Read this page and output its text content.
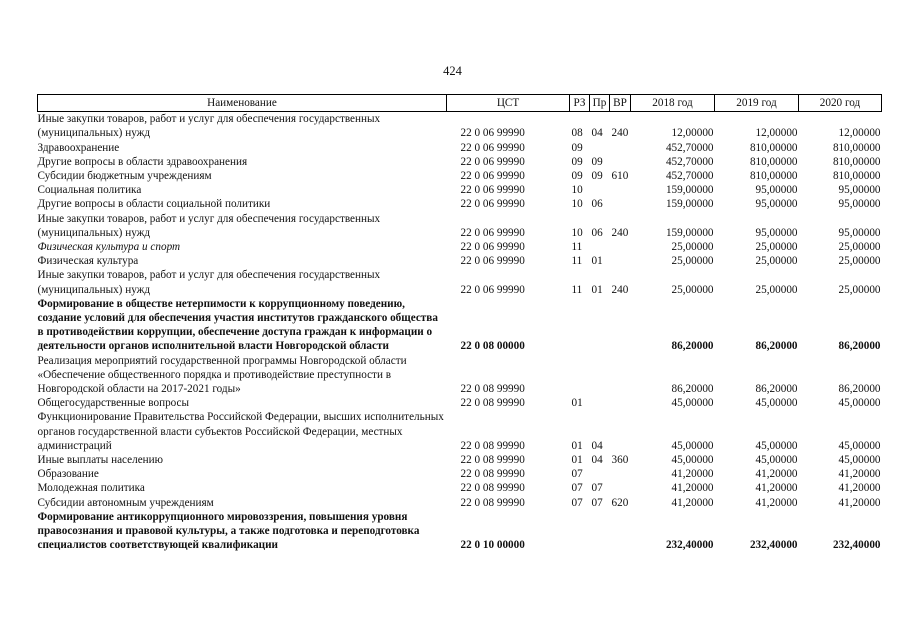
424
Наименование	ЦСТ	РЗ	Пр	ВР	2018 год	2019 год	2020 год
Иные закупки товаров, работ и услуг для обеспечения государственных (муниципальных) нужд	22 0 06 99990	08	04	240	12,00000	12,00000	12,00000
Здравоохранение	22 0 06 99990	09			452,70000	810,00000	810,00000
Другие вопросы в области здравоохранения	22 0 06 99990	09	09		452,70000	810,00000	810,00000
Субсидии бюджетным учреждениям	22 0 06 99990	09	09	610	452,70000	810,00000	810,00000
Социальная политика	22 0 06 99990	10			159,00000	95,00000	95,00000
Другие вопросы в области социальной политики	22 0 06 99990	10	06		159,00000	95,00000	95,00000
Иные закупки товаров, работ и услуг для обеспечения государственных (муниципальных) нужд	22 0 06 99990	10	06	240	159,00000	95,00000	95,00000
Физическая культура и спорт	22 0 06 99990	11			25,00000	25,00000	25,00000
Физическая культура	22 0 06 99990	11	01		25,00000	25,00000	25,00000
Иные закупки товаров, работ и услуг для обеспечения государственных (муниципальных) нужд	22 0 06 99990	11	01	240	25,00000	25,00000	25,00000
Формирование в обществе нетерпимости к коррупционному поведению, создание условий для обеспечения участия институтов гражданского общества в противодействии коррупции, обеспечение доступа граждан к информации о деятельности органов исполнительной власти Новгородской области	22 0 08 00000				86,20000	86,20000	86,20000
Реализация мероприятий государственной программы Новгородской области «Обеспечение общественного порядка и противодействие преступности в Новгородской области на 2017-2021 годы»	22 0 08 99990				86,20000	86,20000	86,20000
Общегосударственные вопросы	22 0 08 99990	01			45,00000	45,00000	45,00000
Функционирование Правительства Российской Федерации, высших исполнительных органов государственной власти субъектов Российской Федерации, местных администраций	22 0 08 99990	01	04		45,00000	45,00000	45,00000
Иные выплаты населению	22 0 08 99990	01	04	360	45,00000	45,00000	45,00000
Образование	22 0 08 99990	07			41,20000	41,20000	41,20000
Молодежная политика	22 0 08 99990	07	07		41,20000	41,20000	41,20000
Субсидии автономным учреждениям	22 0 08 99990	07	07	620	41,20000	41,20000	41,20000
Формирование антикоррупционного мировоззрения, повышения уровня правосознания и правовой культуры, а также подготовка и переподготовка специалистов соответствующей квалификации	22 0 10 00000				232,40000	232,40000	232,40000
